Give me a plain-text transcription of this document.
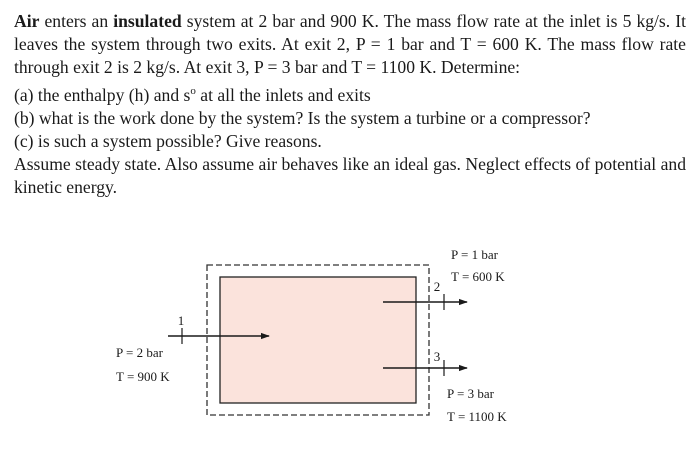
Air enters an insulated system at 2 bar and 900 K. The mass flow rate at the inlet is 5 kg/s. It leaves the system through two exits. At exit 2, P = 1 bar and T = 600 K. The mass flow rate through exit 2 is 2 kg/s. At exit 3, P = 3 bar and T = 1100 K. Determine:

(a) the enthalpy (h) and $s^o$ at all the inlets and exits

(b) what is the work done by the system? Is the system a turbine or a compressor?

(c) is such a system possible? Give reasons.

Assume steady state. Also assume air behaves like an ideal gas. Neglect effects of potential and kinetic energy.

1
P = 2 bar
T = 900 K
2
P = 1 bar
T = 600 K
3
P = 3 bar
T = 1100 K
